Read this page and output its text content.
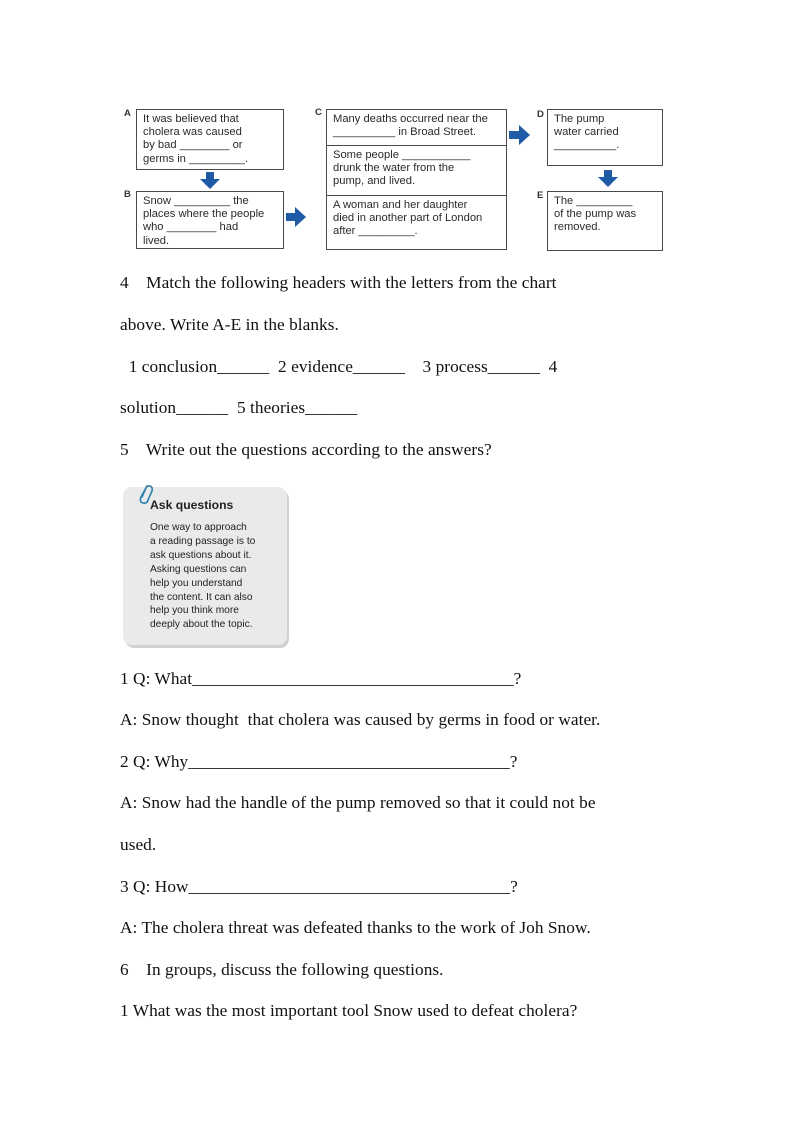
A It was believed that
cholera was caused
by bad ________ or
germs in _________.

B

Snow _________ the
places where the people
who ________ had
lived.

C

Many deaths occurred near the
__________ in Broad Street.

Some people ___________
drunk the water from the
pump, and lived.

A woman and her daughter
died in another part of London
after _________.

D The pump
water carried
__________.

E The _________
of the pump was
removed.

4    Match the following headers with the letters from the chart
above. Write A-E in the blanks.
1 conclusion______  2 evidence______    3 process______  4
solution______  5 theories______
5    Write out the questions according to the answers?
Ask questions
One way to approach
a reading passage is to
ask questions about it.
Asking questions can
help you understand
the content. It can also
help you think more
deeply about the topic.
1 Q: What_____________________________________?
A: Snow thought  that cholera was caused by germs in food or water.
2 Q: Why_____________________________________?
A: Snow had the handle of the pump removed so that it could not be
used.
3 Q: How_____________________________________?
A: The cholera threat was defeated thanks to the work of Joh Snow.
6    In groups, discuss the following questions.
1 What was the most important tool Snow used to defeat cholera?
